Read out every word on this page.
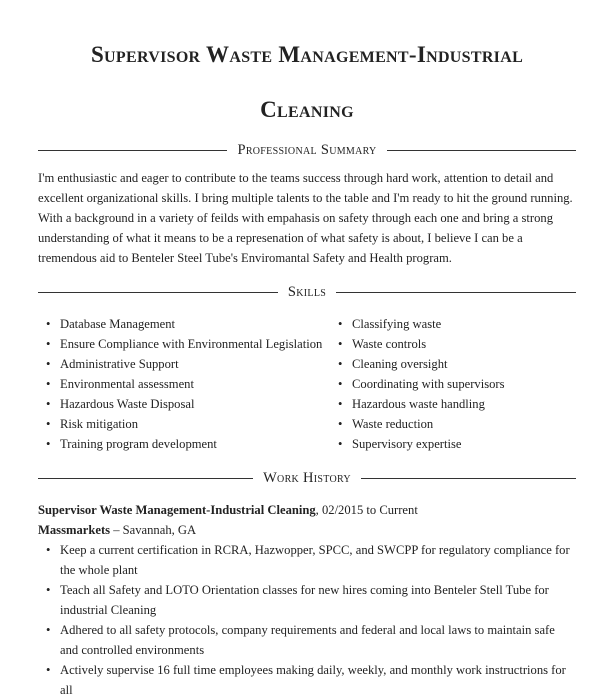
Supervisor Waste Management-Industrial
Cleaning
Professional Summary

I'm enthusiastic and eager to contribute to the teams success through hard work, attention to detail and excellent organizational skills. I bring multiple talents to the table and I'm ready to hit the ground running. With a background in a variety of feilds with empahasis on safety through each one and bring a strong understanding of what it means to be a represenation of what safety is about, I believe I can be a tremendous aid to Benteler Steel Tube's Enviromantal Safety and Health program.

Skills
• Database Management
• Ensure Compliance with Environmental Legislation
• Administrative Support
• Environmental assessment
• Hazardous Waste Disposal
• Risk mitigation
• Training program development
• Classifying waste
• Waste controls
• Cleaning oversight
• Coordinating with supervisors
• Hazardous waste handling
• Waste reduction
• Supervisory expertise
Work History

Supervisor Waste Management-Industrial Cleaning, 02/2015 to Current

Massmarkets – Savannah, GA

• Keep a current certification in RCRA, Hazwopper, SPCC, and SWCPP for regulatory compliance for the whole plant
• Teach all Safety and LOTO Orientation classes for new hires coming into Benteler Stell Tube for industrial Cleaning
• Adhered to all safety protocols, company requirements and federal and local laws to maintain safe and controlled environments
• Actively supervise 16 full time employees making daily, weekly, and monthly work instructrions for all
